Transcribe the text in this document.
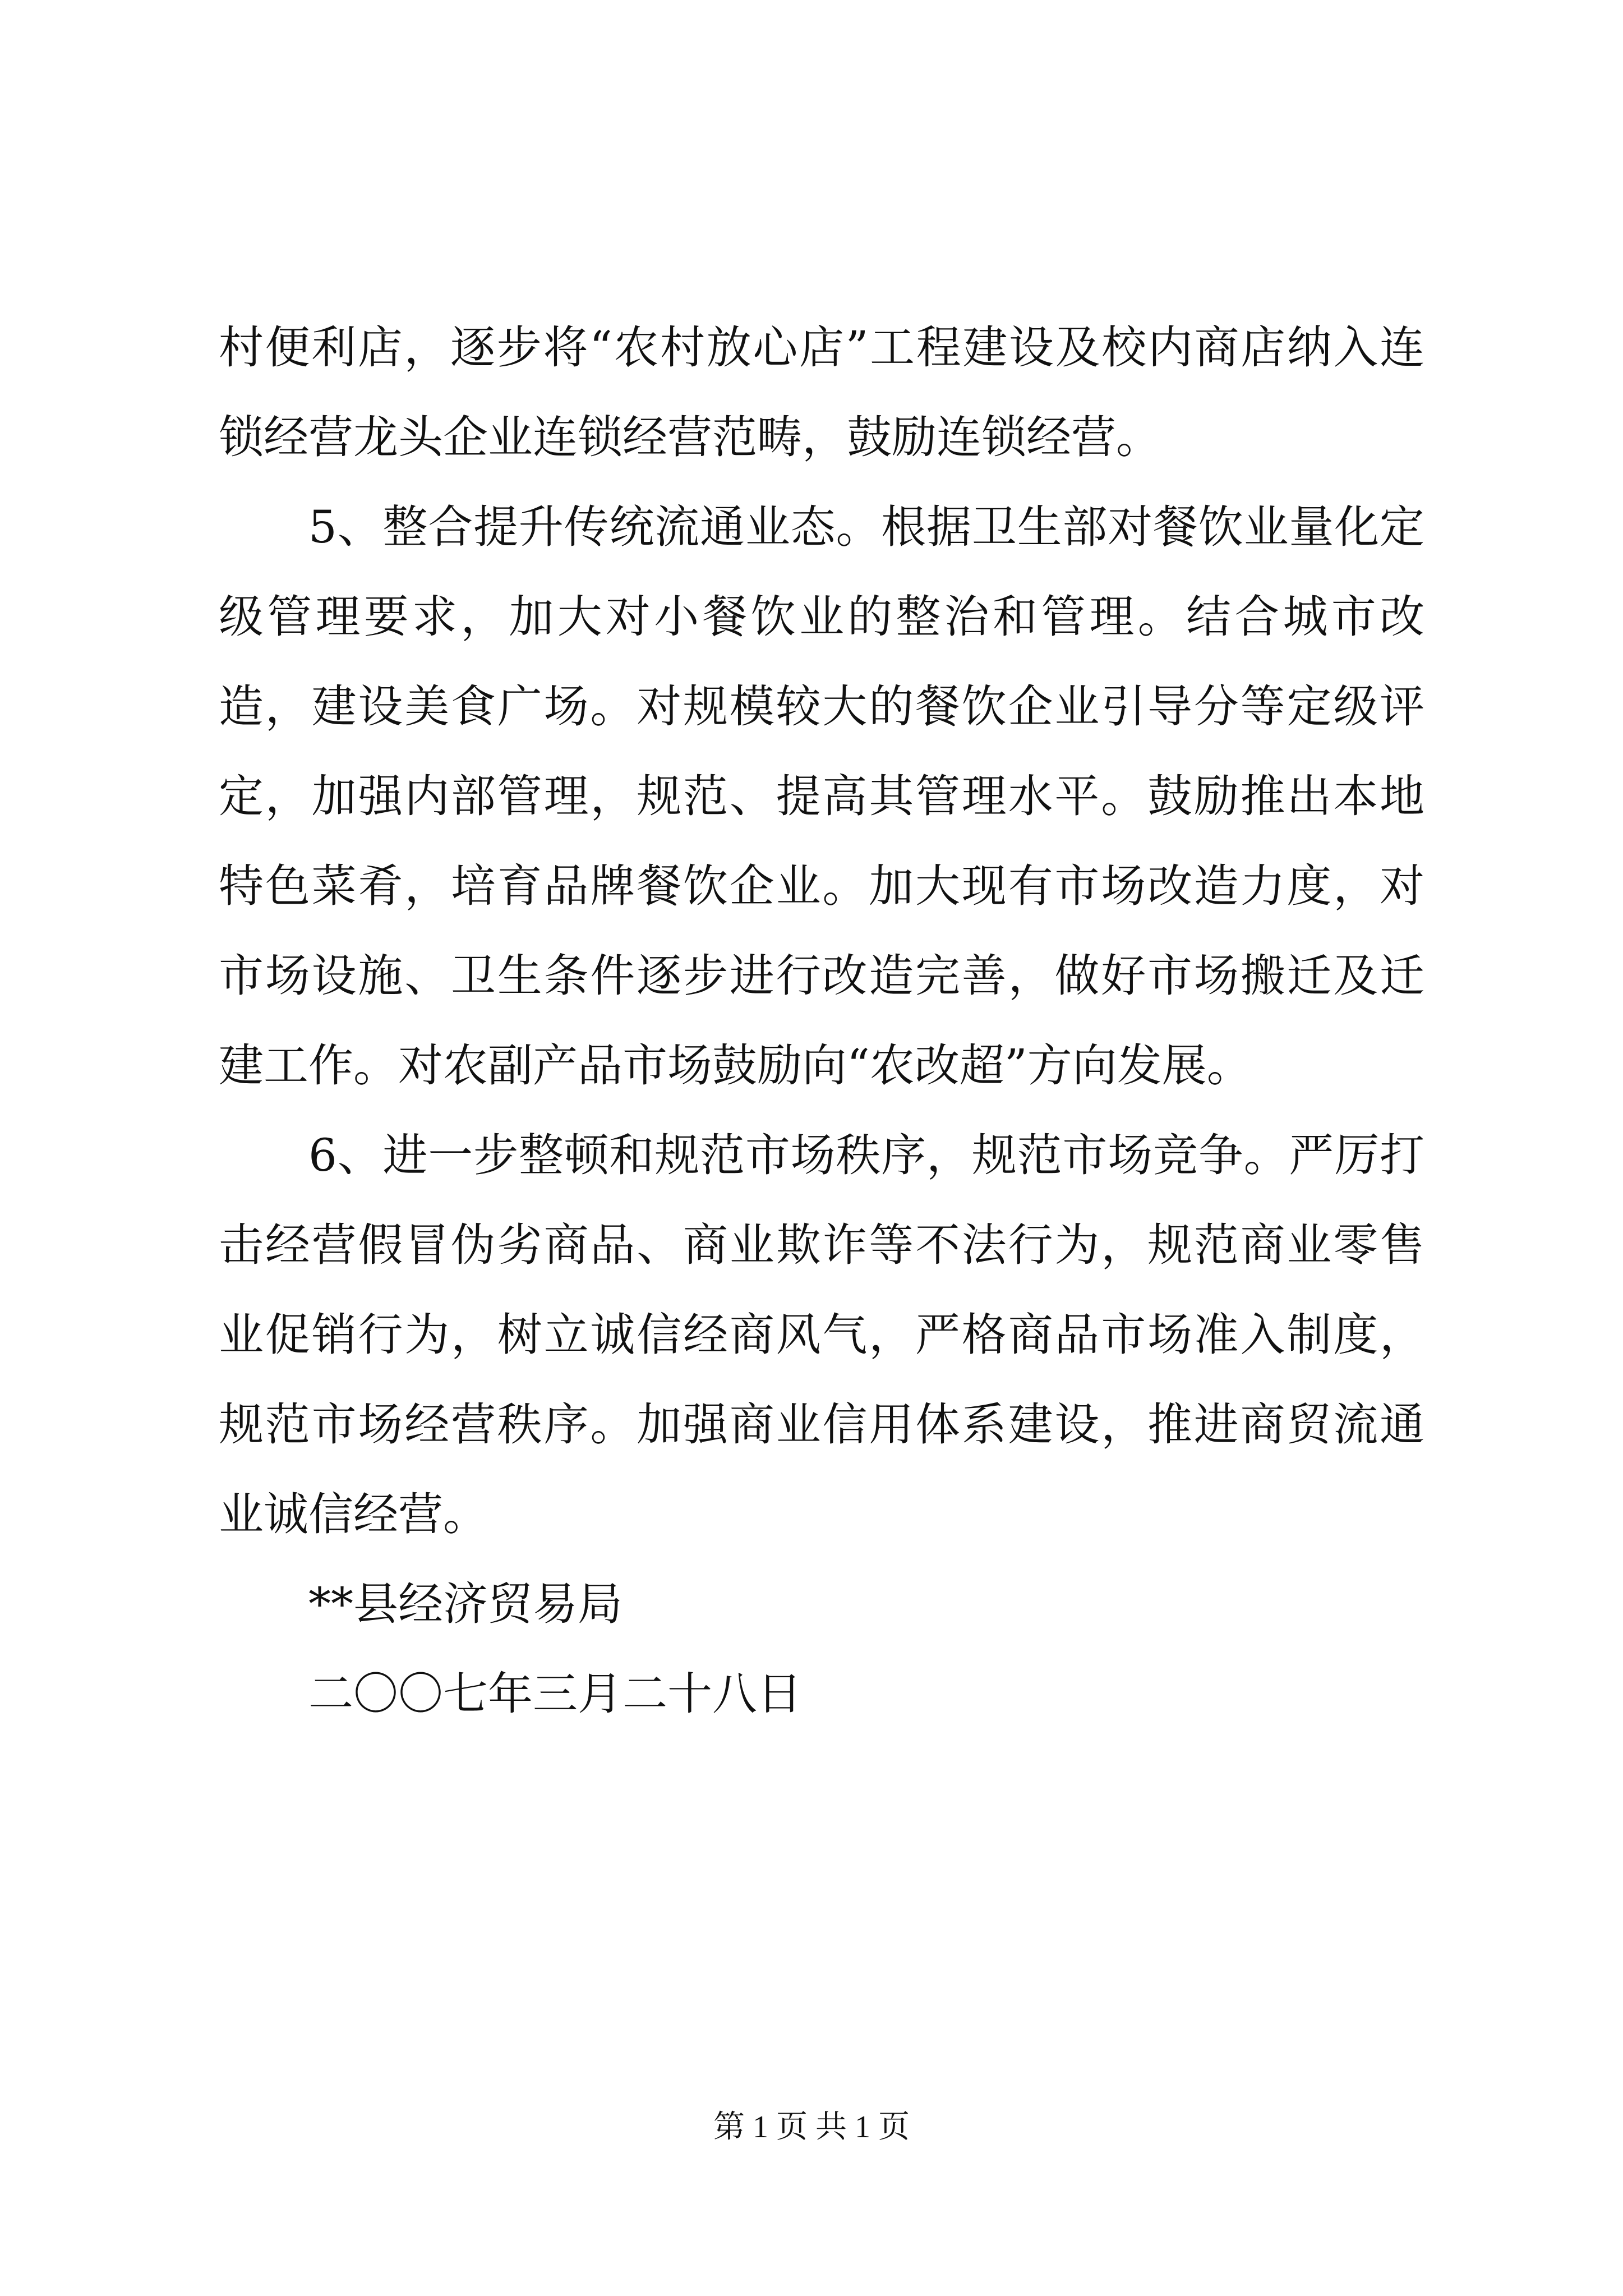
村便利店，逐步将“农村放心店”工程建设及校内商店纳入连锁经营龙头企业连锁经营范畴，鼓励连锁经营。

5、整合提升传统流通业态。根据卫生部对餐饮业量化定级管理要求，加大对小餐饮业的整治和管理。结合城市改造，建设美食广场。对规模较大的餐饮企业引导分等定级评定，加强内部管理，规范、提高其管理水平。鼓励推出本地特色菜肴，培育品牌餐饮企业。加大现有市场改造力度，对市场设施、卫生条件逐步进行改造完善，做好市场搬迁及迁建工作。对农副产品市场鼓励向“农改超”方向发展。

6、进一步整顿和规范市场秩序，规范市场竞争。严厉打击经营假冒伪劣商品、商业欺诈等不法行为，规范商业零售业促销行为，树立诚信经商风气，严格商品市场准入制度，规范市场经营秩序。加强商业信用体系建设，推进商贸流通业诚信经营。

**县经济贸易局

二〇〇七年三月二十八日

第 1 页 共 1 页
